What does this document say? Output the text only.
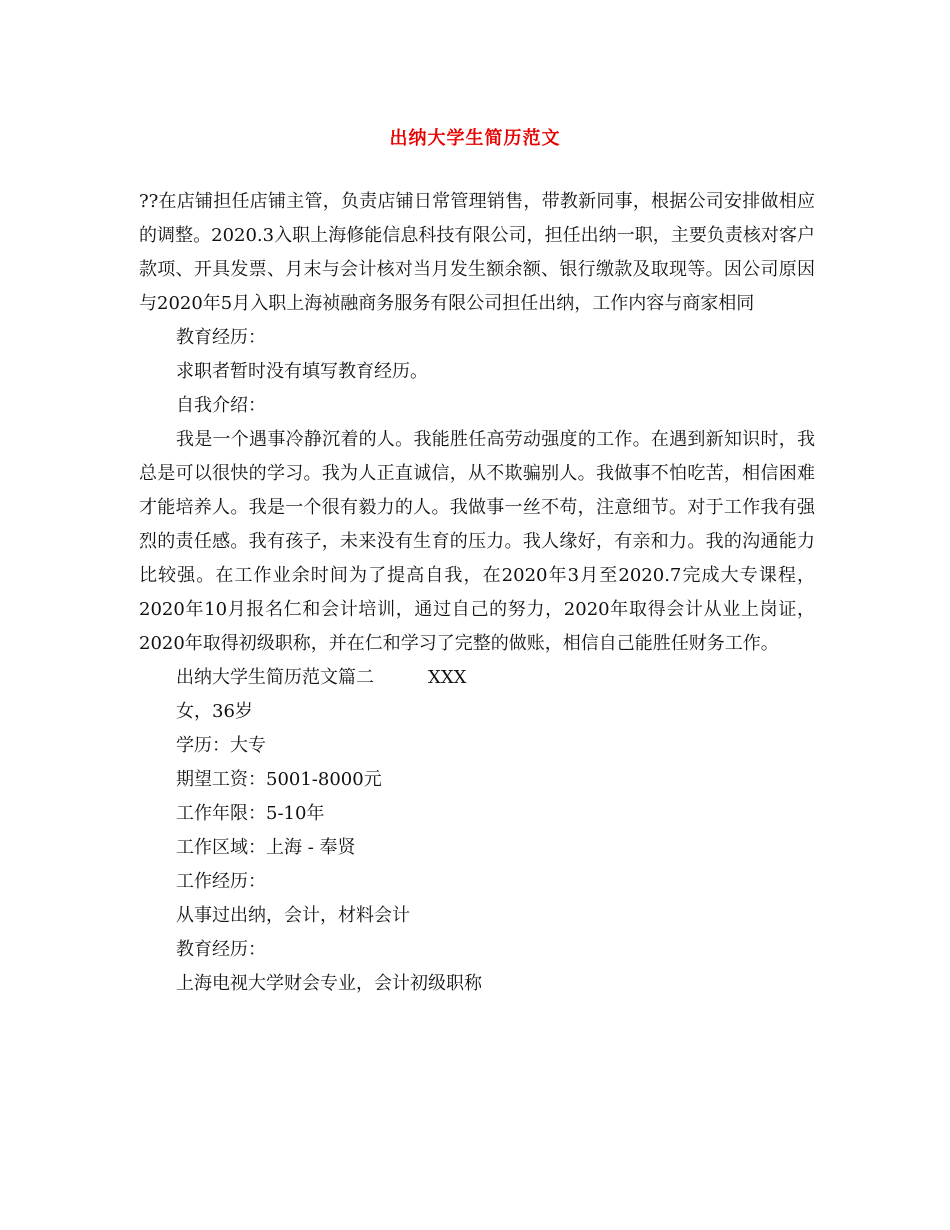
出纳大学生简历范文

??在店铺担任店铺主管，负责店铺日常管理销售，带教新同事，根据公司安排做相应的调整。2020.3入职上海修能信息科技有限公司，担任出纳一职，主要负责核对客户款项、开具发票、月末与会计核对当月发生额余额、银行缴款及取现等。因公司原因与2020年5月入职上海祯融商务服务有限公司担任出纳，工作内容与商家相同

教育经历：
求职者暂时没有填写教育经历。
自我介绍：

我是一个遇事冷静沉着的人。我能胜任高劳动强度的工作。在遇到新知识时，我总是可以很快的学习。我为人正直诚信，从不欺骗别人。我做事不怕吃苦，相信困难才能培养人。我是一个很有毅力的人。我做事一丝不苟，注意细节。对于工作我有强烈的责任感。我有孩子，未来没有生育的压力。我人缘好，有亲和力。我的沟通能力比较强。在工作业余时间为了提高自我，在2020年3月至2020.7完成大专课程，2020年10月报名仁和会计培训，通过自己的努力，2020年取得会计从业上岗证，2020年取得初级职称，并在仁和学习了完整的做账，相信自己能胜任财务工作。

出纳大学生简历范文篇二	XXX
女，36岁
学历：大专
期望工资：5001-8000元
工作年限：5-10年
工作区域：上海 - 奉贤
工作经历：
从事过出纳，会计，材料会计
教育经历：
上海电视大学财会专业，会计初级职称
